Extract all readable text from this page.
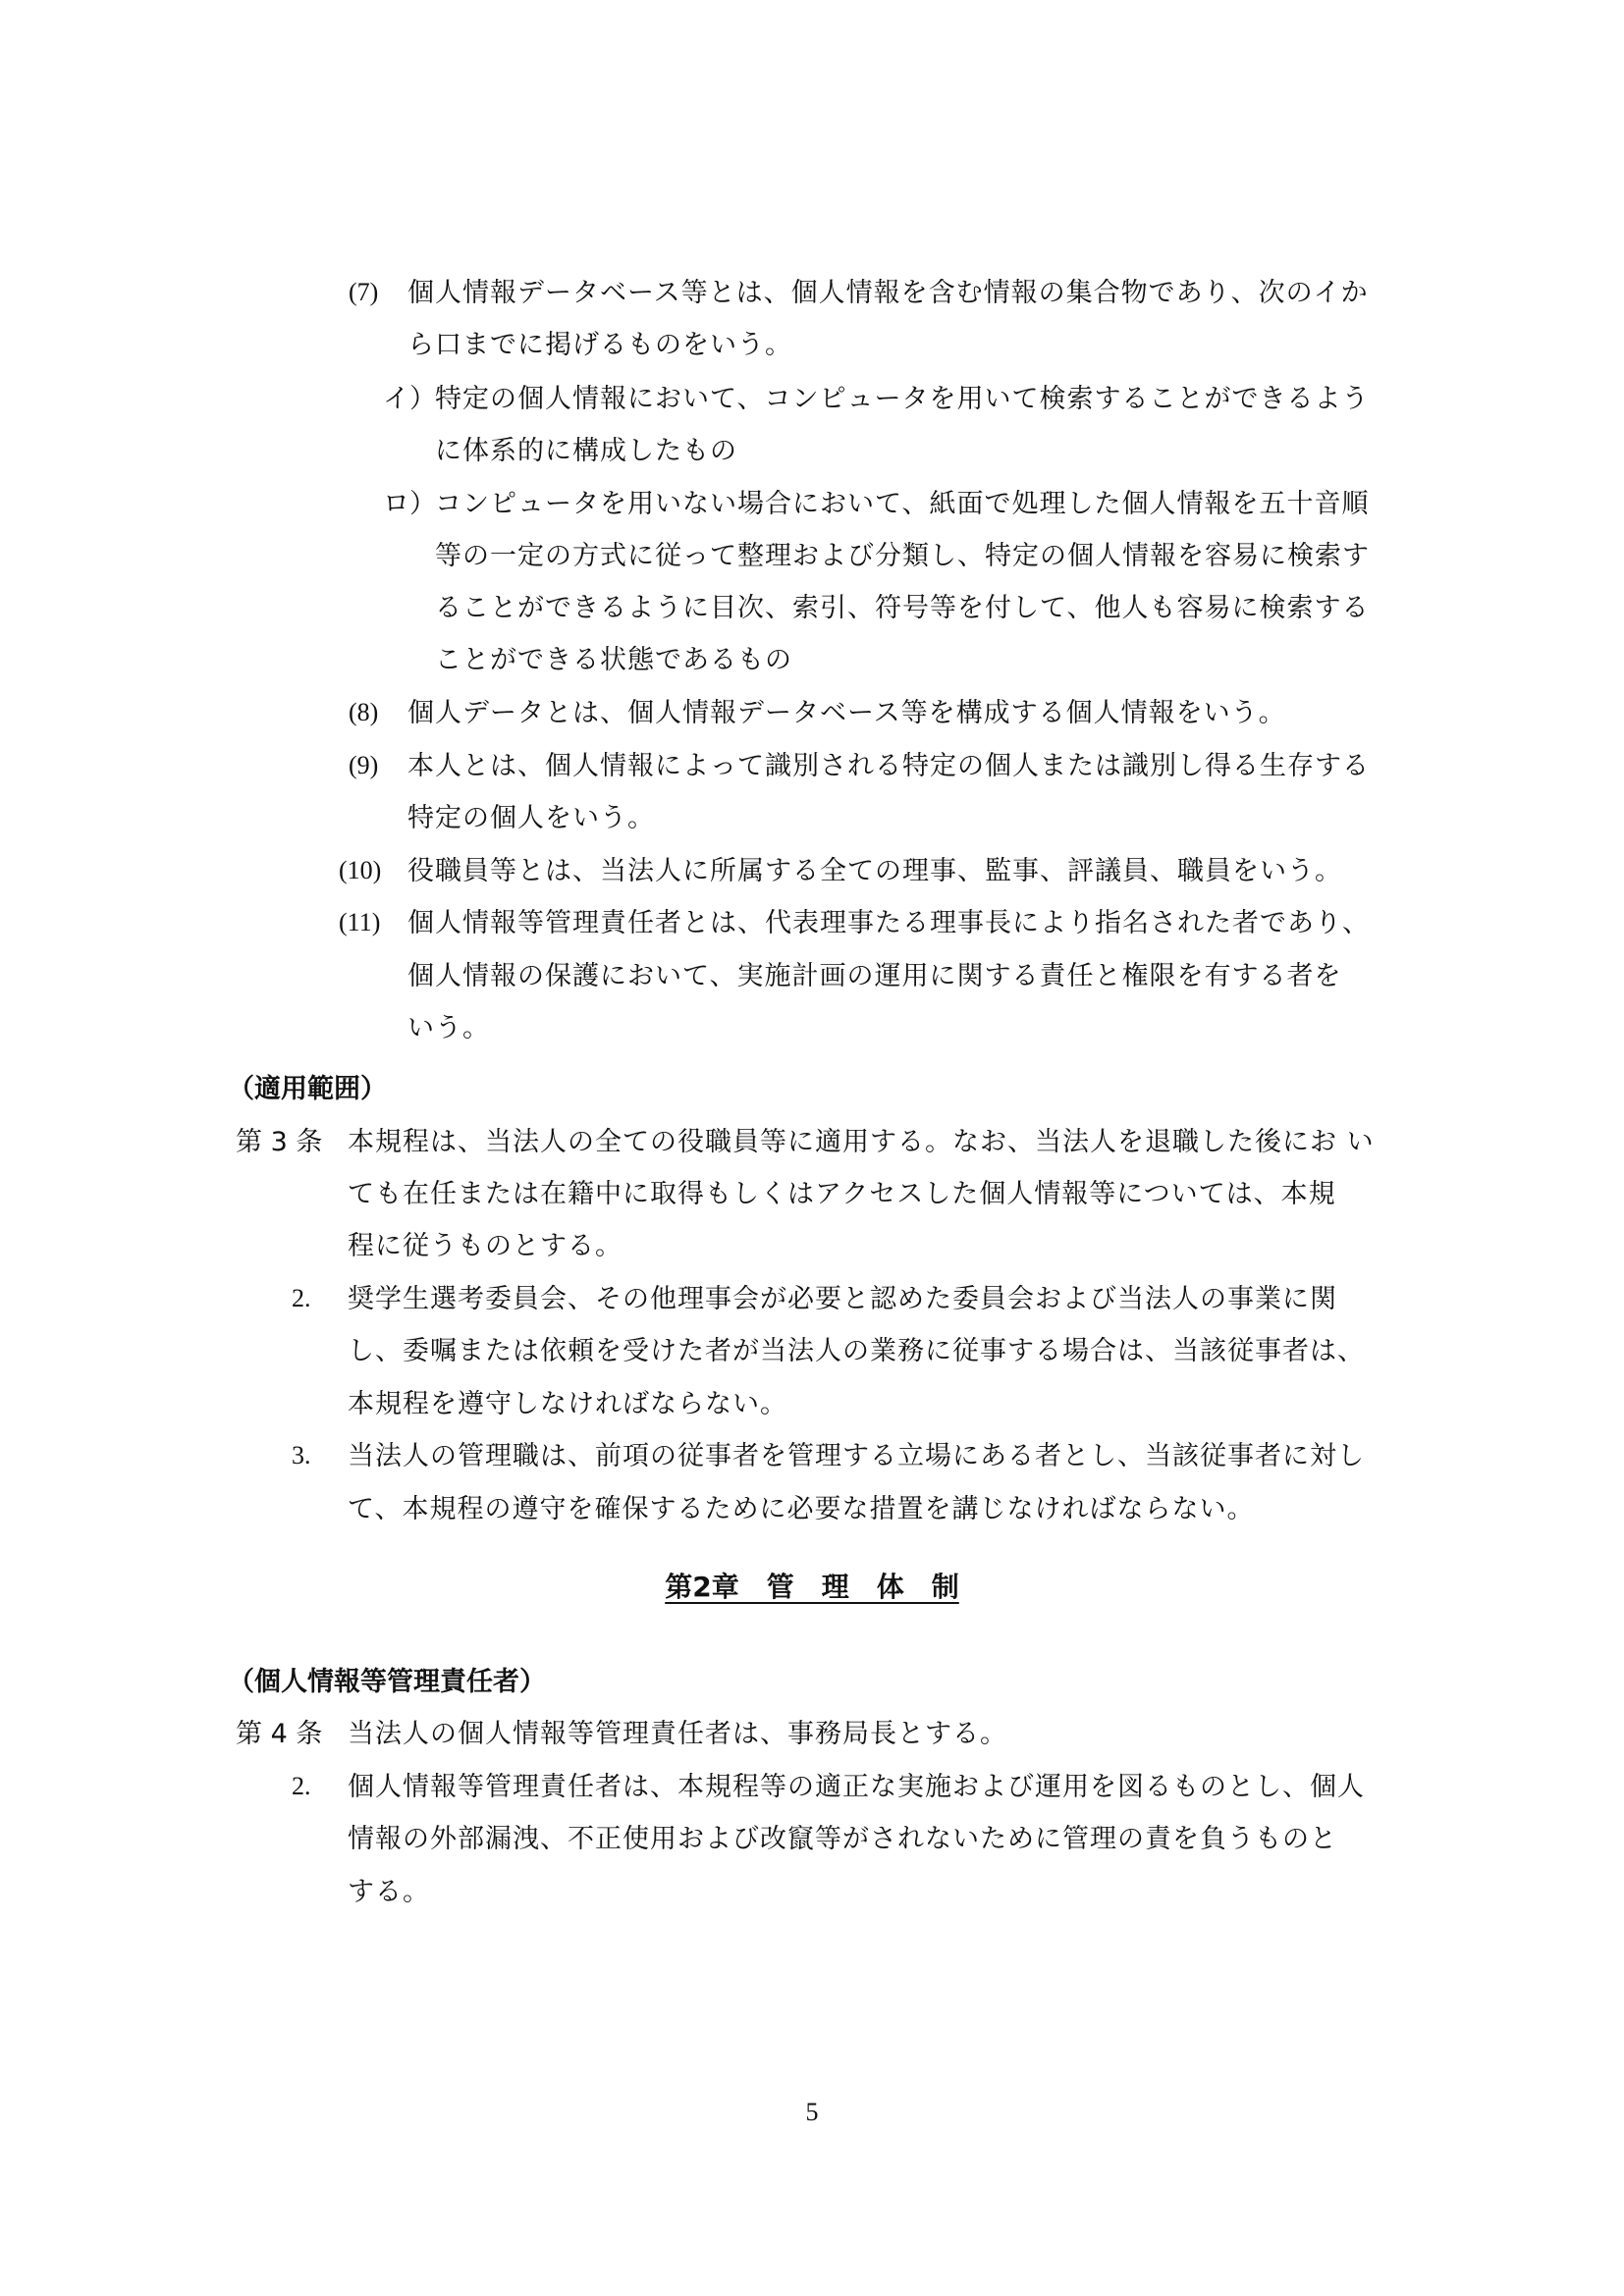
(7) 個人情報データベース等とは、個人情報を含む情報の集合物であり、次のイか
ら口までに掲げるものをいう。
イ） 特定の個人情報において、コンピュータを用いて検索することができるよう
に体系的に構成したもの
ロ） コンピュータを用いない場合において、紙面で処理した個人情報を五十音順
等の一定の方式に従って整理および分類し、特定の個人情報を容易に検索す
ることができるように目次、索引、符号等を付して、他人も容易に検索する
ことができる状態であるもの
(8) 個人データとは、個人情報データベース等を構成する個人情報をいう。
(9) 本人とは、個人情報によって識別される特定の個人または識別し得る生存する
特定の個人をいう。
(10) 役職員等とは、当法人に所属する全ての理事、監事、評議員、職員をいう。
(11) 個人情報等管理責任者とは、代表理事たる理事長により指名された者であり、
個人情報の保護において、実施計画の運用に関する責任と権限を有する者を
いう。
（適用範囲）
第 3 条 本規程は、当法人の全ての役職員等に適用する。なお、当法人を退職した後にお い
ても在任または在籍中に取得もしくはアクセスした個人情報等については、本規
程に従うものとする。
2. 奨学生選考委員会、その他理事会が必要と認めた委員会および当法人の事業に関
し、委嘱または依頼を受けた者が当法人の業務に従事する場合は、当該従事者は、
本規程を遵守しなければならない。
3. 当法人の管理職は、前項の従事者を管理する立場にある者とし、当該従事者に対し
て、本規程の遵守を確保するために必要な措置を講じなければならない。
第2章　管　理　体　制
（個人情報等管理責任者）
第 4 条 当法人の個人情報等管理責任者は、事務局長とする。
2. 個人情報等管理責任者は、本規程等の適正な実施および運用を図るものとし、個人
情報の外部漏洩、不正使用および改竄等がされないために管理の責を負うものと
する。
5
